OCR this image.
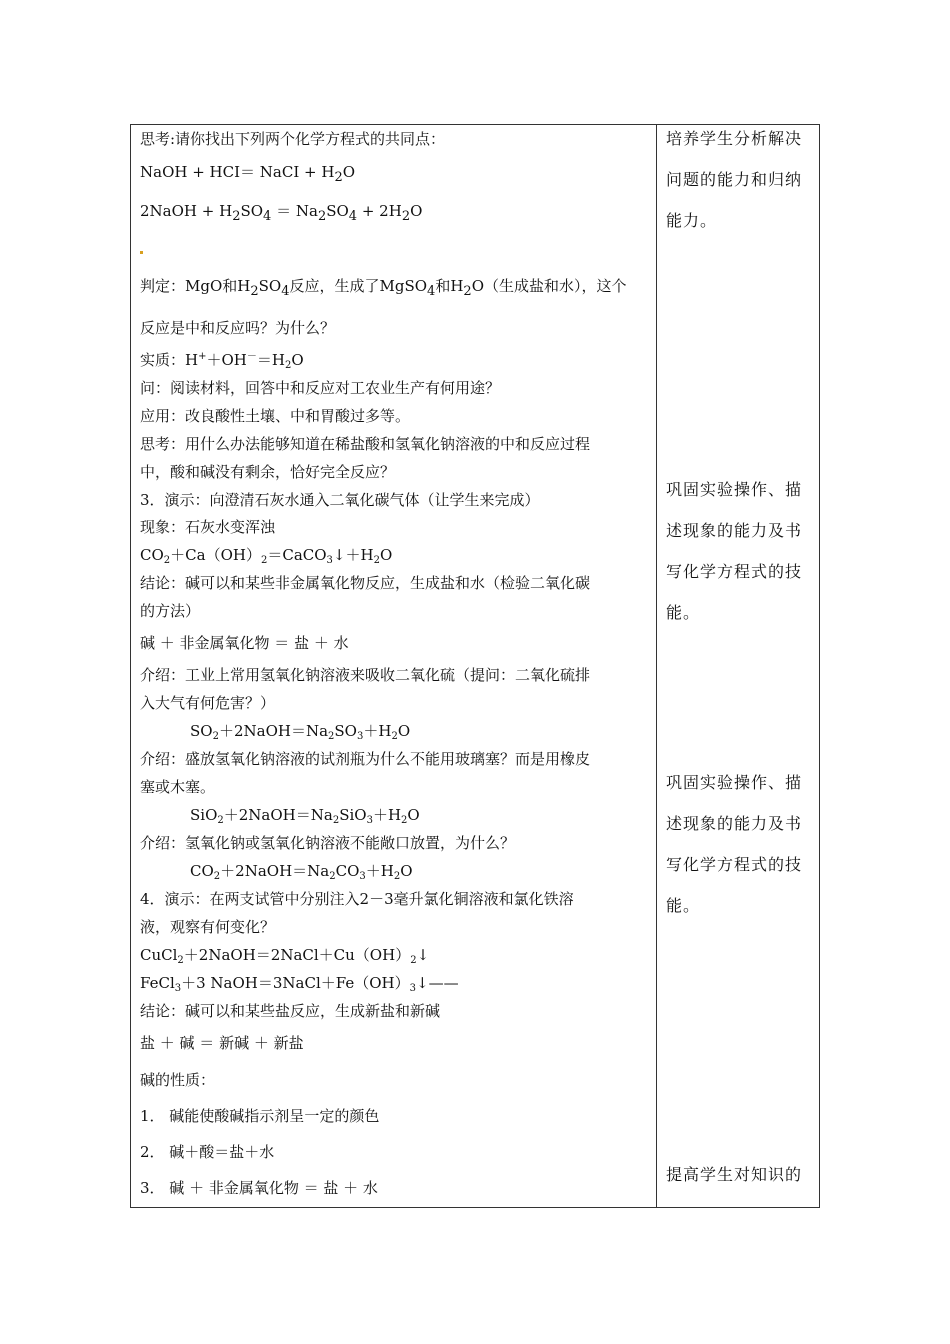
思考:请你找出下列两个化学方程式的共同点：
NaOH + HCI＝ NaCI + H2O
2NaOH + H2SO4 ＝ Na2SO4 + 2H2O
判定：MgO和H2SO4反应，生成了MgSO4和H2O（生成盐和水），这个
反应是中和反应吗？为什么？
实质：$H^++OH^-=H_2O$
问：阅读材料，回答中和反应对工农业生产有何用途？
应用：改良酸性土壤、中和胃酸过多等。
思考：用什么办法能够知道在稀盐酸和氢氧化钠溶液的中和反应过程
中，酸和碱没有剩余，恰好完全反应？
3．演示：向澄清石灰水通入二氧化碳气体（让学生来完成）
现象：石灰水变浑浊
$CO_2+Ca(OH)_2=CaCO_3↓+H_2O$
结论：碱可以和某些非金属氧化物反应，生成盐和水（检验二氧化碳
的方法）
碱 ＋ 非金属氧化物 ＝ 盐 ＋ 水
介绍：工业上常用氢氧化钠溶液来吸收二氧化硫（提问：二氧化硫排
入大气有何危害？）
$SO_2+2NaOH=Na_2SO_3+H_2O$
介绍：盛放氢氧化钠溶液的试剂瓶为什么不能用玻璃塞？而是用橡皮
塞或木塞。
$SiO_2+2NaOH=Na_2SiO_3+H_2O$
介绍：氢氧化钠或氢氧化钠溶液不能敞口放置，为什么？
$CO_2+2NaOH=Na_2CO_3+H_2O$
4．演示：在两支试管中分别注入2－3毫升氯化铜溶液和氯化铁溶
液，观察有何变化？
$CuCl_2+2NaOH=2NaCl+Cu(OH)_2↓$
FeCl$_3$＋3 $NaOH=3NaCl+Fe(OH)_3↓——$
结论：碱可以和某些盐反应，生成新盐和新碱
盐 ＋ 碱 ＝ 新碱 ＋ 新盐
碱的性质：
1． 碱能使酸碱指示剂呈一定的颜色
2． 碱＋酸＝盐＋水
3． 碱 ＋ 非金属氧化物 ＝ 盐 ＋ 水
培养学生分析解决
问题的能力和归纳
能力。
巩固实验操作、描
述现象的能力及书
写化学方程式的技
能。
巩固实验操作、描
述现象的能力及书
写化学方程式的技
能。
提高学生对知识的
